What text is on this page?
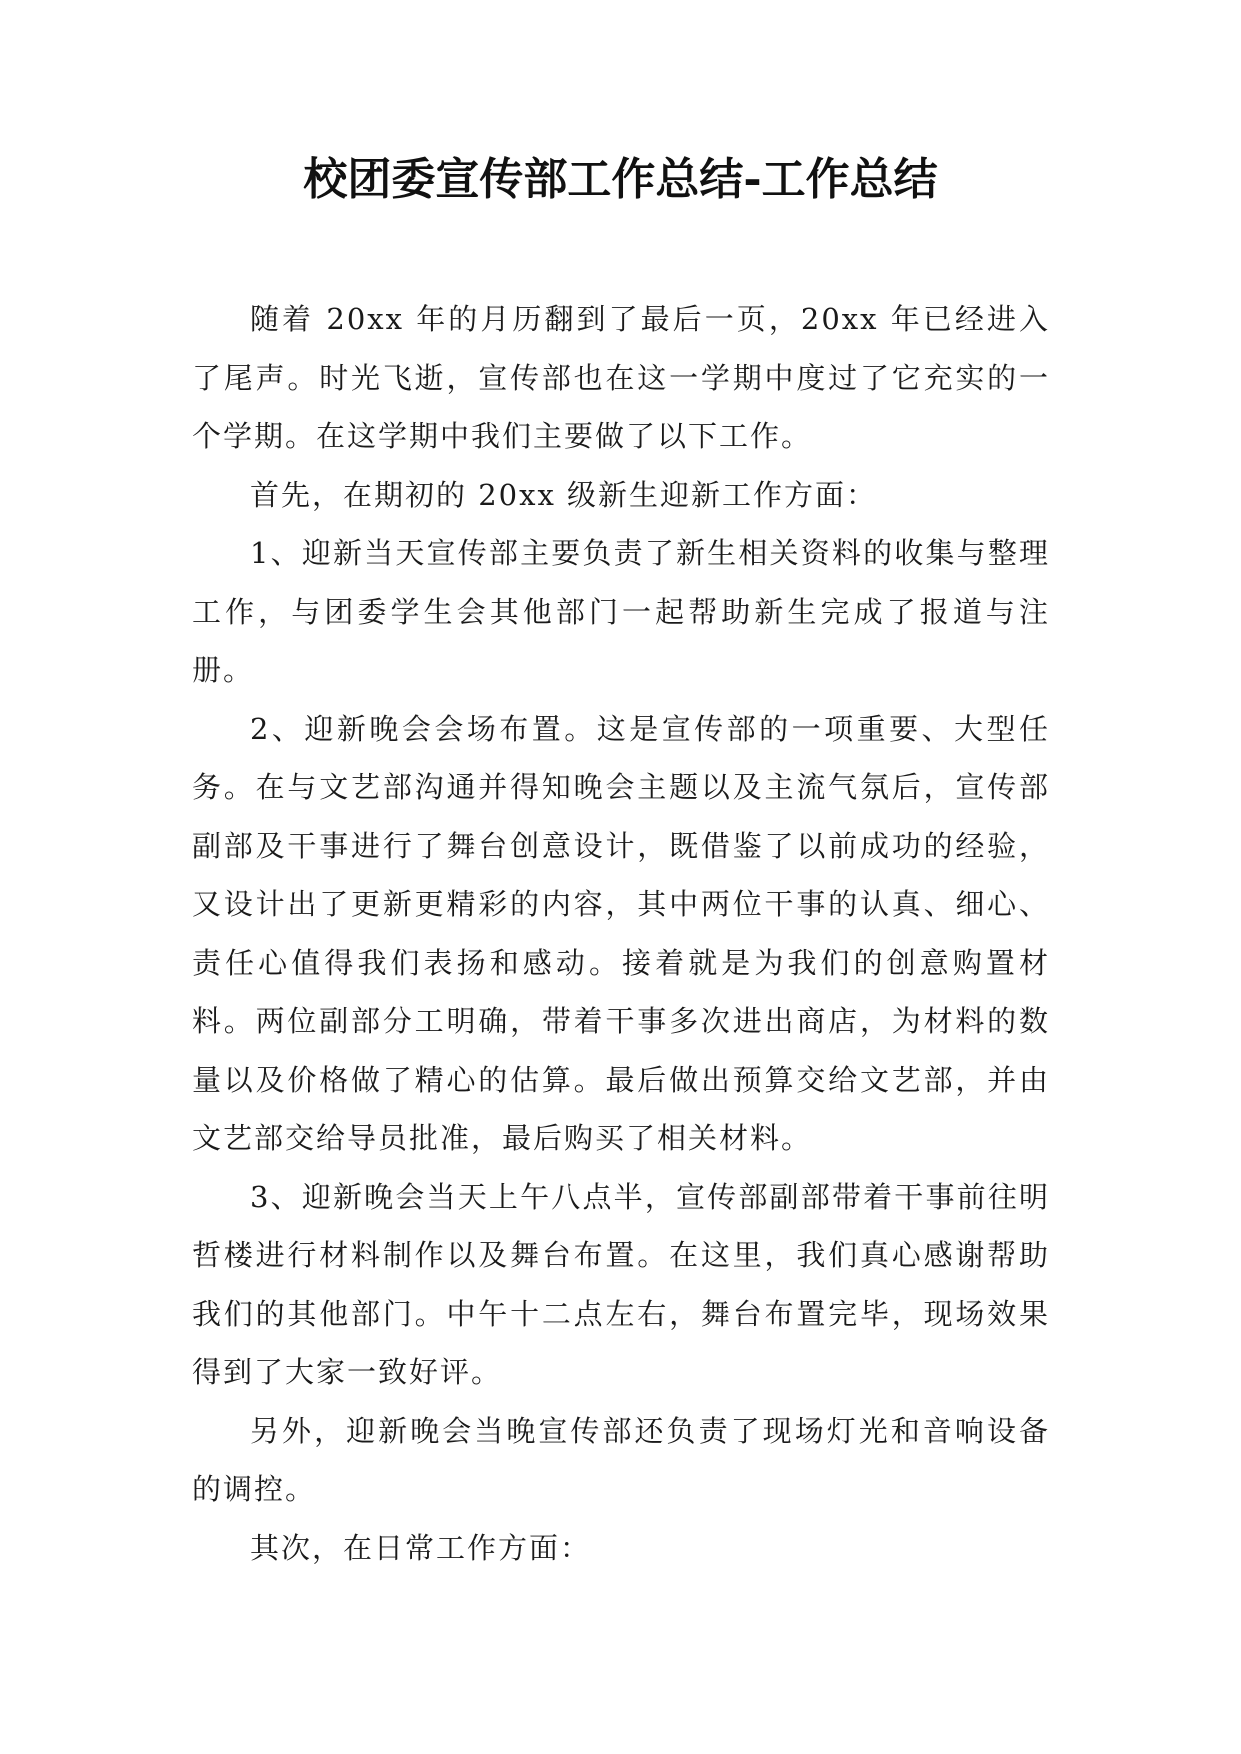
校团委宣传部工作总结-工作总结

随着 20xx 年的月历翻到了最后一页，20xx 年已经进入了尾声。时光飞逝，宣传部也在这一学期中度过了它充实的一个学期。在这学期中我们主要做了以下工作。

首先，在期初的 20xx 级新生迎新工作方面：

1、迎新当天宣传部主要负责了新生相关资料的收集与整理工作，与团委学生会其他部门一起帮助新生完成了报道与注册。

2、迎新晚会会场布置。这是宣传部的一项重要、大型任务。在与文艺部沟通并得知晚会主题以及主流气氛后，宣传部副部及干事进行了舞台创意设计，既借鉴了以前成功的经验，又设计出了更新更精彩的内容，其中两位干事的认真、细心、责任心值得我们表扬和感动。接着就是为我们的创意购置材料。两位副部分工明确，带着干事多次进出商店，为材料的数量以及价格做了精心的估算。最后做出预算交给文艺部，并由文艺部交给导员批准，最后购买了相关材料。

3、迎新晚会当天上午八点半，宣传部副部带着干事前往明哲楼进行材料制作以及舞台布置。在这里，我们真心感谢帮助我们的其他部门。中午十二点左右，舞台布置完毕，现场效果得到了大家一致好评。

另外，迎新晚会当晚宣传部还负责了现场灯光和音响设备的调控。

其次，在日常工作方面：
